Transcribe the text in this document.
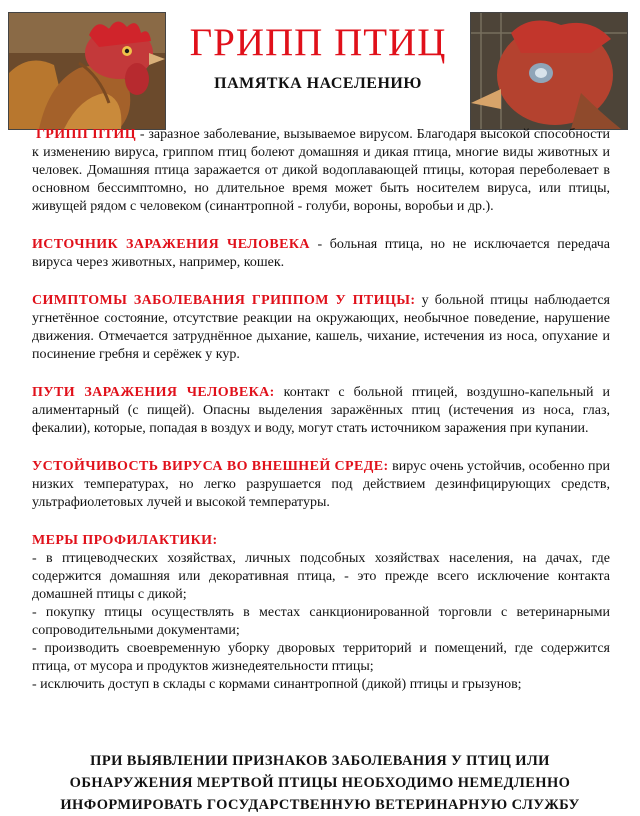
ГРИПП ПТИЦ
ПАМЯТКА НАСЕЛЕНИЮ

ГРИПП ПТИЦ - заразное заболевание, вызываемое вирусом. Благодаря высокой способности к изменению вируса, гриппом птиц болеют домашняя и дикая птица, многие виды животных и человек. Домашняя птица заражается от дикой водоплавающей птицы, которая переболевает в основном бессимптомно, но длительное время может быть носителем вируса, или птицы, живущей рядом с человеком (синантропной - голуби, вороны, воробьи и др.).

ИСТОЧНИК ЗАРАЖЕНИЯ ЧЕЛОВЕКА - больная птица, но не исключается передача вируса через животных, например, кошек.

СИМПТОМЫ ЗАБОЛЕВАНИЯ ГРИППОМ У ПТИЦЫ: у больной птицы наблюдается угнетённое состояние, отсутствие реакции на окружающих, необычное поведение, нарушение движения. Отмечается затруднённое дыхание, кашель, чихание, истечения из носа, опухание и посинение гребня и серёжек у кур.

ПУТИ ЗАРАЖЕНИЯ ЧЕЛОВЕКА: контакт с больной птицей, воздушно-капельный и алиментарный (с пищей). Опасны выделения заражённых птиц (истечения из носа, глаз, фекалии), которые, попадая в воздух и воду, могут стать источником заражения при купании.

УСТОЙЧИВОСТЬ ВИРУСА ВО ВНЕШНЕЙ СРЕДЕ: вирус очень устойчив, особенно при низких температурах, но легко разрушается под действием дезинфицирующих средств, ультрафиолетовых лучей и высокой температуры.

МЕРЫ ПРОФИЛАКТИКИ:
- в птицеводческих хозяйствах, личных подсобных хозяйствах населения, на дачах, где содержится домашняя или декоративная птица, - это прежде всего исключение контакта домашней птицы с дикой;
- покупку птицы осуществлять в местах санкционированной торговли с ветеринарными сопроводительными документами;
- производить своевременную уборку дворовых территорий и помещений, где содержится птица, от мусора и продуктов жизнедеятельности птицы;
- исключить доступ в склады с кормами синантропной (дикой) птицы и грызунов;
ПРИ ВЫЯВЛЕНИИ ПРИЗНАКОВ ЗАБОЛЕВАНИЯ У ПТИЦ ИЛИ
ОБНАРУЖЕНИЯ МЕРТВОЙ ПТИЦЫ НЕОБХОДИМО НЕМЕДЛЕННО
ИНФОРМИРОВАТЬ ГОСУДАРСТВЕННУЮ ВЕТЕРИНАРНУЮ СЛУЖБУ
